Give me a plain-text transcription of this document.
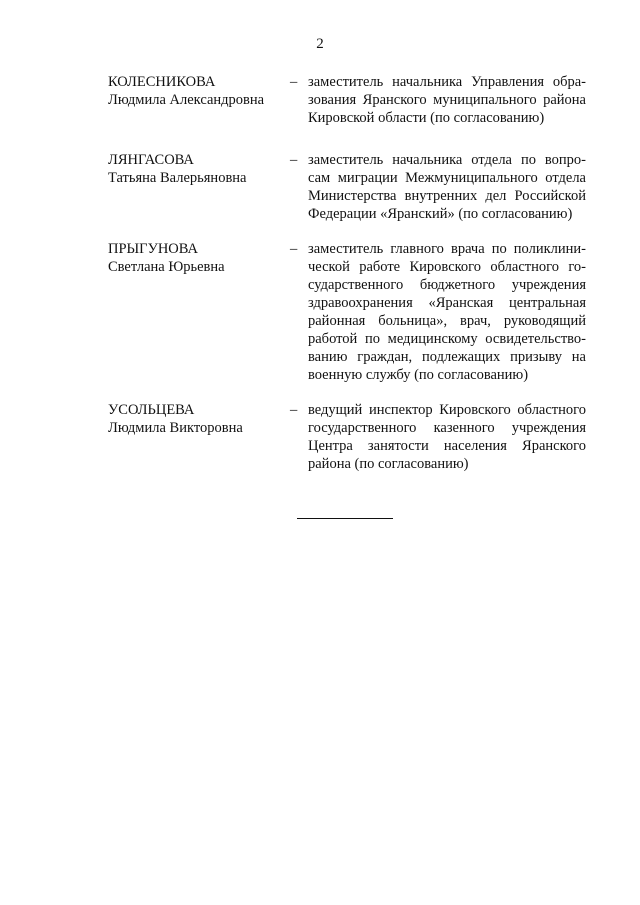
2
КОЛЕСНИКОВА
Людмила Александровна
– заместитель начальника Управления обра-
зования Яранского муниципального района
Кировской области (по согласованию)
ЛЯНГАСОВА
Татьяна Валерьяновна
– заместитель начальника отдела по вопро-
сам миграции Межмуниципального отдела
Министерства внутренних дел Российской
Федерации «Яранский» (по согласованию)
ПРЫГУНОВА
Светлана Юрьевна
– заместитель главного врача по поликлини-
ческой работе Кировского областного го-
сударственного бюджетного учреждения
здравоохранения «Яранская центральная
районная больница», врач, руководящий
работой по медицинскому освидетельство-
ванию граждан, подлежащих призыву на
военную службу (по согласованию)
УСОЛЬЦЕВА
Людмила Викторовна
– ведущий инспектор Кировского областного
государственного казенного учреждения
Центра занятости населения Яранского
района (по согласованию)
